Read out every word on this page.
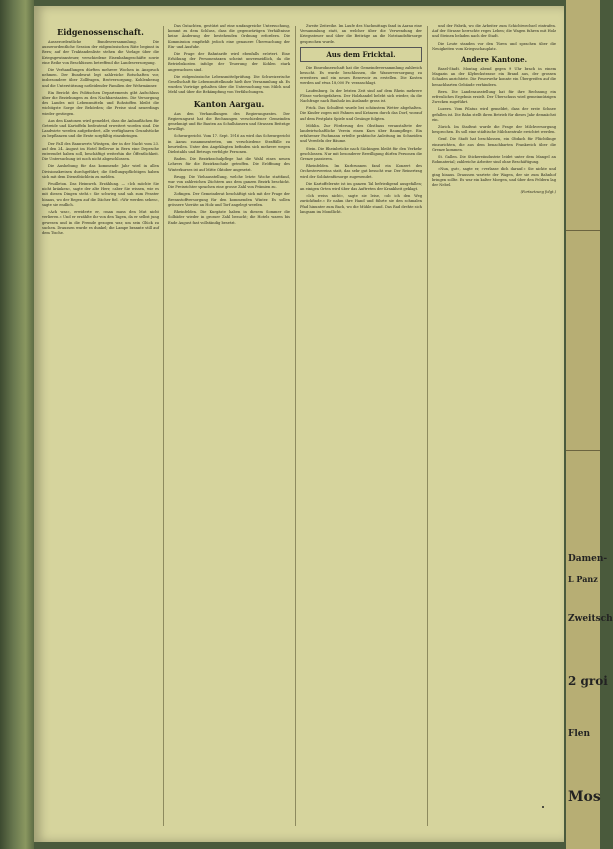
Eidgenossenschaft.

Ausserordentliche Bundesversammlung. Die ausserordentliche Session der eidgenössischen Räte beginnt in Bern; auf der Traktandenliste stehen die Vorlage über die Kriegsgewinnsteuer, verschiedene Eisenbahngeschäfte sowie eine Reihe von Beschlüssen betreffend die Landesversorgung.

Die Verhandlungen dürften mehrere Wochen in Anspruch nehmen. Der Bundesrat legt zahlreiche Botschaften vor, insbesondere über Zollfragen, Brotversorgung, Kohlenbezug und die Unterstützung notleidender Familien der Wehrmänner.

Ein Bericht des Politischen Departements gibt Aufschluss über die Beziehungen zu den Nachbarstaaten. Die Versorgung des Landes mit Lebensmitteln und Rohstoffen bleibt die wichtigste Sorge der Behörden; die Preise sind neuerdings wieder gestiegen.

Aus den Kantonen wird gemeldet, dass die Anbauflächen für Getreide und Kartoffeln bedeutend erweitert worden sind. Die Landwirte werden aufgefordert, alle verfügbaren Grundstücke zu bepflanzen und die Ernte sorgfältig einzubringen.

Der Fall des Bannwerts Wüstgen, der in der Nacht vom 23. auf den 24. August im Hotel Bellevue in Bern eine Depesche entwendet haben soll, beschäftigt weiterhin die Öffentlichkeit. Die Untersuchung ist noch nicht abgeschlossen.

Die Aushebung für das kommende Jahr wird in allen Divisionskreisen durchgeführt; die Stellungspflichtigen haben sich mit dem Dienstbüchlein zu melden.

Feuilleton. Das Heimweh. Erzählung. — »Ich möchte Sie nicht kränken«, sagte der alte Herr, »aber Sie wissen, wie es mit diesen Dingen steht.« Sie schwieg und sah zum Fenster hinaus, wo der Regen auf die Dächer fiel. »Wir werden sehen«, sagte sie endlich.

»Ach was«, erwiderte er, »man muss den Mut nicht verlieren.« Und er erzählte ihr von den Tagen, da er selbst jung gewesen und in die Fremde gezogen war, um sein Glück zu suchen. Draussen wurde es dunkel; die Lampe brannte still auf dem Tische.

Das Gutachten, gestützt auf eine umfangreiche Untersuchung, kommt zu dem Schluss, dass die gegenwärtigen Verhältnisse keine Änderung der bestehenden Ordnung erfordern. Die Kommission empfiehlt jedoch eine genauere Überwachung der Ein- und Ausfuhr.

Die Frage der Bahntarife wird ebenfalls erörtert. Eine Erhöhung der Personentaxen scheint unvermeidlich, da die Betriebskosten infolge der Teuerung der Kohlen stark angewachsen sind.

Die eidgenössische Lebensmittelprüfung. Die Schweizerische Gesellschaft für Lebensmittelkunde hielt ihre Versammlung ab. Es wurden Vorträge gehalten über die Untersuchung von Milch und Mehl und über die Bekämpfung von Verfälschungen.

Kanton Aargau.

Aus den Verhandlungen des Regierungsrates. Der Regierungsrat hat die Rechnungen verschiedener Gemeinden genehmigt und für Bauten an Schulhäusern und Strassen Beiträge bewilligt.

Schwurgericht. Vom 17. Sept. 1916 an wird das Schwurgericht in Aarau zusammentreten, um verschiedene Straffälle zu beurteilen. Unter den Angeklagten befinden sich mehrere wegen Diebstahls und Betrugs verfolgte Personen.

Baden. Die Bezirksschulpflege hat die Wahl eines neuen Lehrers für die Bezirksschule getroffen. Die Eröffnung des Winterkurses ist auf Mitte Oktober angesetzt.

Brugg. Die Viehausstellung, welche letzte Woche stattfand, war von zahlreichen Züchtern aus dem ganzen Bezirk beschickt. Die Preisrichter sprachen eine grosse Zahl von Prämien zu.

Zofingen. Der Gemeinderat beschäftigt sich mit der Frage der Brennstoffversorgung für den kommenden Winter. Es sollen grössere Vorräte an Holz und Torf angelegt werden.

Rheinfelden. Die Kurgäste haben in diesem Sommer die Solbäder wieder in grosser Zahl besucht; die Hotels waren bis Ende August fast vollständig besetzt.

Zweite Zeitreihe. Im Laufe des Nachmittags fand in Aarau eine Versammlung statt, an welcher über die Verwendung der Kriegssteuer und über die Beiträge an die Notstandsfürsorge gesprochen wurde.

Aus dem Fricktal.

Die Einwohnerschaft hat die Gemeindeversammlung zahlreich besucht. Es wurde beschlossen, die Wasserversorgung zu erweitern und ein neues Reservoir zu erstellen. Die Kosten werden auf etwa 18,000 Fr. veranschlagt.

Laufenburg. In der letzten Zeit sind auf dem Rhein mehrere Flösse vorbeigefahren. Der Holzhandel belebt sich wieder, da die Nachfrage nach Bauholz im Auslande gross ist.

Frick. Das Schulfest wurde bei schönstem Wetter abgehalten. Die Kinder zogen mit Fahnen und Kränzen durch das Dorf, worauf auf dem Festplatz Spiele und Gesänge folgten.

Möhlin. Zur Förderung des Obstbaus veranstaltete der landwirtschaftliche Verein einen Kurs über Baumpflege. Ein erfahrener Fachmann erteilte praktische Anleitung im Schneiden und Veredeln der Bäume.

Stein. Die Rheinbrücke nach Säckingen bleibt für den Verkehr geschlossen. Nur mit besonderer Bewilligung dürfen Personen die Grenze passieren.

Rheinfelden. Im Kurbrunnen fand ein Konzert des Orchestervereins statt, das sehr gut besucht war. Der Reinertrag wird der Soldatenfürsorge zugewendet.

Die Kartoffelernte ist im ganzen Tal befriedigend ausgefallen; an einigen Orten wird über das Auftreten der Krankheit geklagt.

»Ich weiss nicht«, sagte sie leise, »ob ich den Weg zurückfinde.« Er nahm ihre Hand und führte sie den schmalen Pfad hinunter zum Bach, wo die Mühle stand. Das Rad drehte sich langsam im Mondlicht.

und der Fabrik, wo die Arbeiter zum Schichtwechsel eintrafen. Auf der Strasse herrschte reges Leben; die Wagen fuhren mit Holz und Steinen beladen nach der Stadt.

Die Leute standen vor den Türen und sprachen über die Neuigkeiten vom Kriegsschauplatz.

Andere Kantone.

Basel-Stadt. Montag abend gegen 9 Uhr brach in einem Magazin an der Klybeckstrasse ein Brand aus, der grossen Schaden anrichtete. Die Feuerwehr konnte ein Übergreifen auf die benachbarten Gebäude verhindern.

Bern. Die Landesausstellung hat für ihre Rechnung ein erfreuliches Ergebnis erzielt. Der Überschuss wird gemeinnützigen Zwecken zugeführt.

Luzern. Vom Pilatus wird gemeldet, dass der erste Schnee gefallen ist. Die Bahn stellt ihren Betrieb für dieses Jahr demnächst ein.

Zürich. Im Stadtrat wurde die Frage der Milchversorgung besprochen. Es soll eine städtische Milchzentrale errichtet werden.

Genf. Die Stadt hat beschlossen, ein Obdach für Flüchtlinge einzurichten, die aus dem benachbarten Frankreich über die Grenze kommen.

St. Gallen. Die Stickereiindustrie leidet unter dem Mangel an Rohmaterial; zahlreiche Arbeiter sind ohne Beschäftigung.

»Nun, gut«, sagte er, »verlasse dich darauf.« Sie nickte und ging hinaus. Draussen wartete der Wagen, der sie zum Bahnhof bringen sollte. Es war ein kalter Morgen, und über den Feldern lag der Nebel.

(Fortsetzung folgt.)
L Panz
Damen-
Zweitsch
2 groi
Flen
Mos
